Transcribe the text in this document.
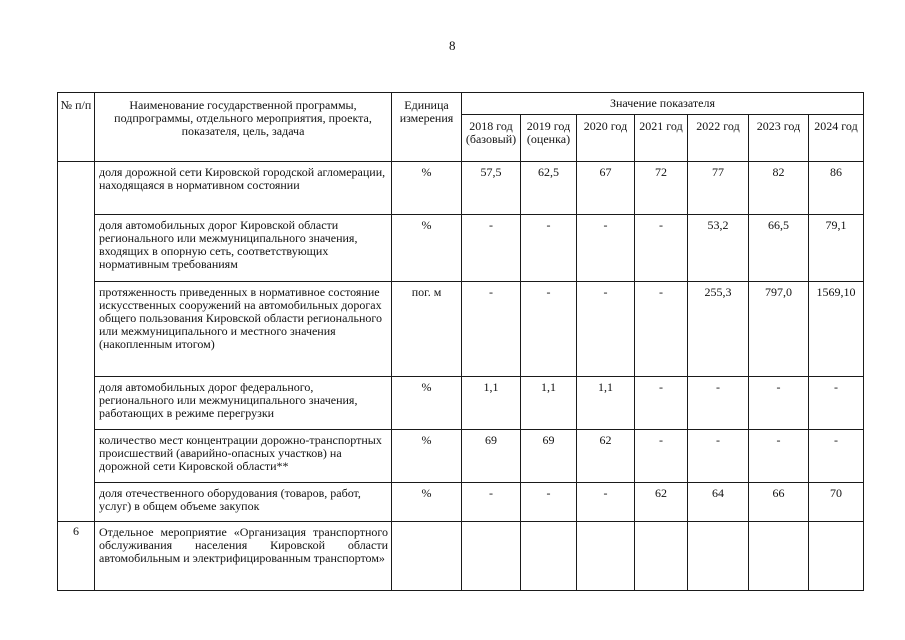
8
№ п/п	Наименование государственной программы, подпрограммы, отдельного мероприятия, проекта, показателя, цель, задача	Единица измерения	Значение показателя						
			2018 год (базовый)	2019 год (оценка)	2020 год	2021 год	2022 год	2023 год	2024 год
	доля дорожной сети Кировской городской агломерации, находящаяся в нормативном состоянии	%	57,5	62,5	67	72	77	82	86
	доля автомобильных дорог Кировской области регионального или межмуниципального значения, входящих в опорную сеть, соответствующих нормативным требованиям	%	-	-	-	-	53,2	66,5	79,1
	протяженность приведенных в нормативное состояние искусственных сооружений на автомобильных дорогах общего пользования Кировской области регионального или межмуниципального и местного значения (накопленным итогом)	пог. м	-	-	-	-	255,3	797,0	1569,10
	доля автомобильных дорог федерального, регионального или межмуниципального значения, работающих в режиме перегрузки	%	1,1	1,1	1,1	-	-	-	-
	количество мест концентрации дорожно-транспортных происшествий (аварийно-опасных участков) на дорожной сети Кировской области**	%	69	69	62	-	-	-	-
	доля отечественного оборудования (товаров, работ, услуг) в общем объеме закупок	%	-	-	-	62	64	66	70
6	Отдельное мероприятие «Организация транспортного обслуживания населения Кировской области автомобильным и электрифицированным транспортом»								
